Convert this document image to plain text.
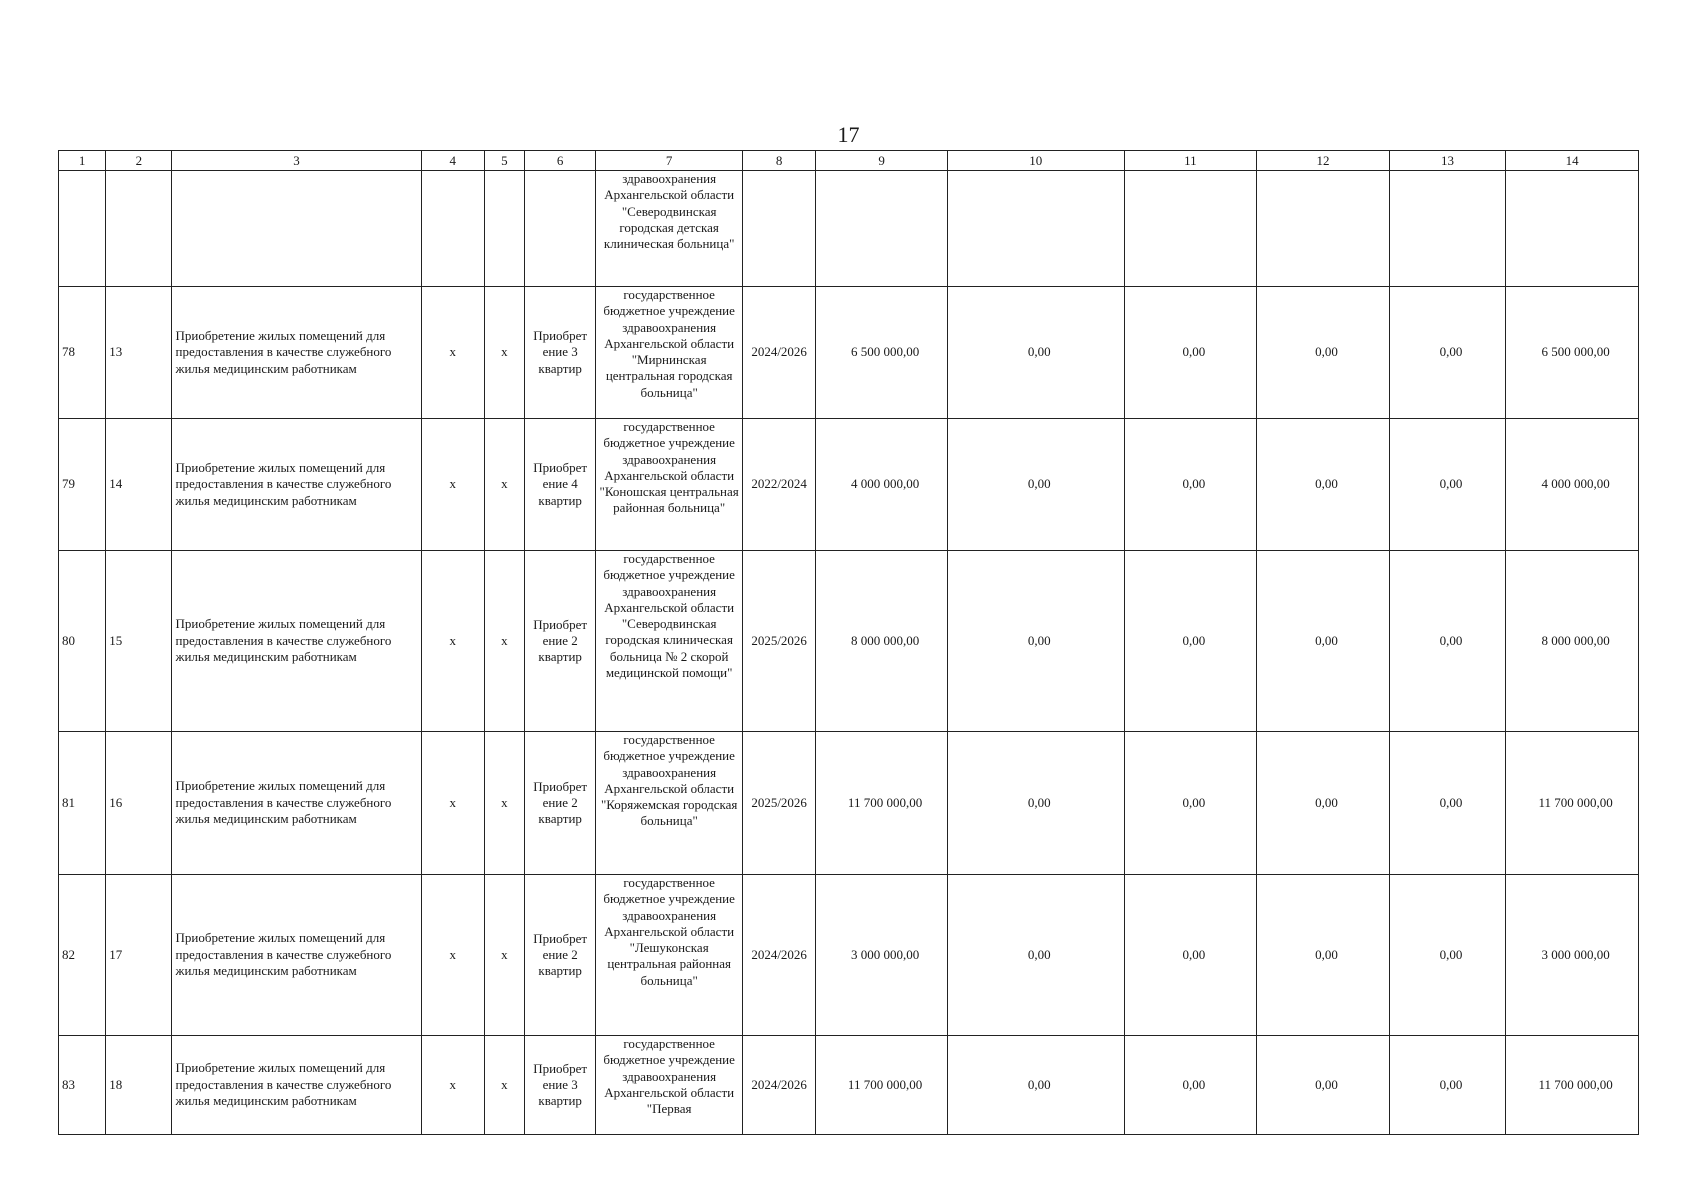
17
1	2	3	4	5	6	7	8	9	10	11	12	13	14
						здравоохранения Архангельской области "Северодвинская городская детская клиническая больница"							
78	13	Приобретение жилых помещений для предоставления в качестве служебного жилья медицинским работникам	х	х	Приобрет ение 3 квартир	государственное бюджетное учреждение здравоохранения Архангельской области "Мирнинская центральная городская больница"	2024/2026	6 500 000,00	0,00	0,00	0,00	0,00	6 500 000,00
79	14	Приобретение жилых помещений для предоставления в качестве служебного жилья медицинским работникам	х	х	Приобрет ение 4 квартир	государственное бюджетное учреждение здравоохранения Архангельской области "Коношская центральная районная больница"	2022/2024	4 000 000,00	0,00	0,00	0,00	0,00	4 000 000,00
80	15	Приобретение жилых помещений для предоставления в качестве служебного жилья медицинским работникам	х	х	Приобрет ение 2 квартир	государственное бюджетное учреждение здравоохранения Архангельской области "Северодвинская городская клиническая больница № 2 скорой медицинской помощи"	2025/2026	8 000 000,00	0,00	0,00	0,00	0,00	8 000 000,00
81	16	Приобретение жилых помещений для предоставления в качестве служебного жилья медицинским работникам	х	х	Приобрет ение 2 квартир	государственное бюджетное учреждение здравоохранения Архангельской области "Коряжемская городская больница"	2025/2026	11 700 000,00	0,00	0,00	0,00	0,00	11 700 000,00
82	17	Приобретение жилых помещений для предоставления в качестве служебного жилья медицинским работникам	х	х	Приобрет ение 2 квартир	государственное бюджетное учреждение здравоохранения Архангельской области "Лешуконская центральная районная больница"	2024/2026	3 000 000,00	0,00	0,00	0,00	0,00	3 000 000,00
83	18	Приобретение жилых помещений для предоставления в качестве служебного жилья медицинским работникам	х	х	Приобрет ение 3 квартир	государственное бюджетное учреждение здравоохранения Архангельской области "Первая	2024/2026	11 700 000,00	0,00	0,00	0,00	0,00	11 700 000,00
